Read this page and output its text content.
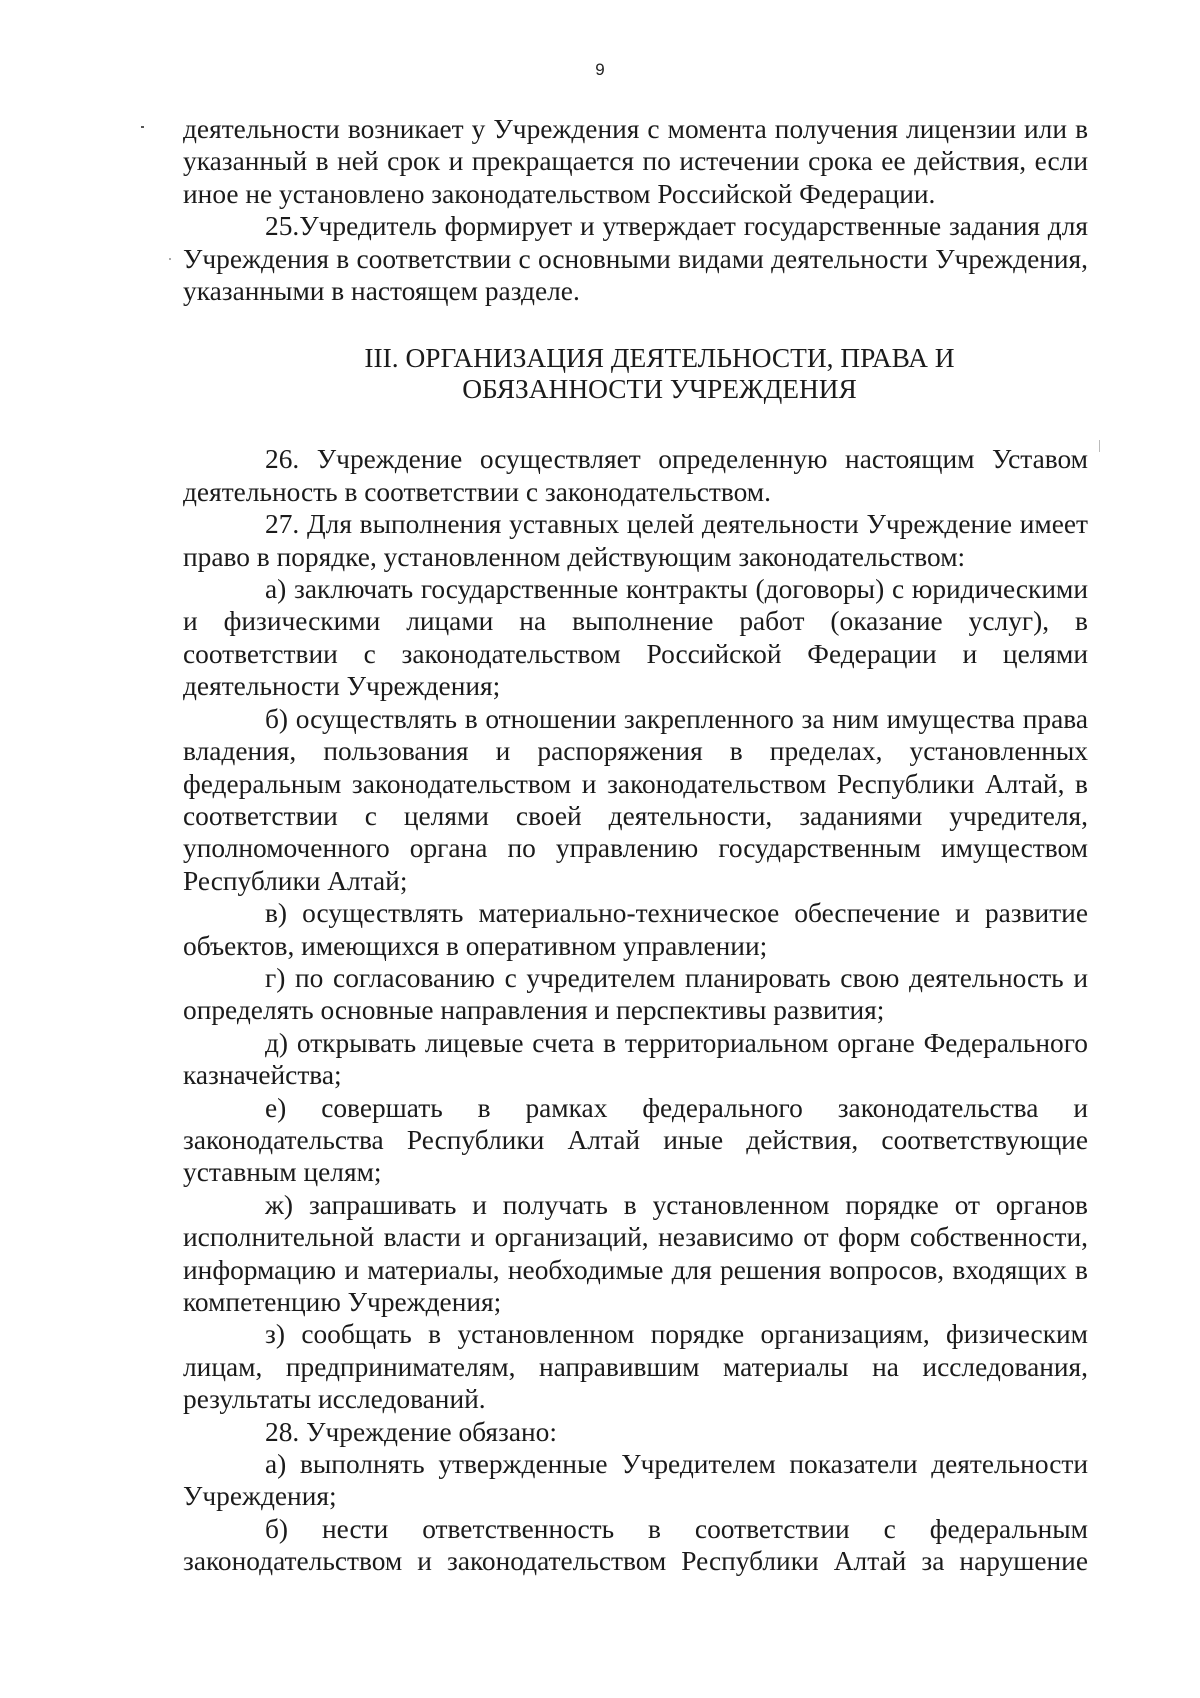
9

деятельности возникает у Учреждения с момента получения лицензии или в указанный в ней срок и прекращается по истечении срока ее действия, если иное не установлено законодательством Российской Федерации.

25.Учредитель формирует и утверждает государственные задания для Учреждения в соответствии с основными видами деятельности Учреждения, указанными в настоящем разделе.

III. ОРГАНИЗАЦИЯ ДЕЯТЕЛЬНОСТИ, ПРАВА И
ОБЯЗАННОСТИ УЧРЕЖДЕНИЯ

26. Учреждение осуществляет определенную настоящим Уставом деятельность в соответствии с законодательством.

27. Для выполнения уставных целей деятельности Учреждение имеет право в порядке, установленном действующим законодательством:

а) заключать государственные контракты (договоры) с юридическими и физическими лицами на выполнение работ (оказание услуг), в соответствии с законодательством Российской Федерации и целями деятельности Учреждения;

б) осуществлять в отношении закрепленного за ним имущества права владения, пользования и распоряжения в пределах, установленных федеральным законодательством и законодательством Республики Алтай, в соответствии с целями своей деятельности, заданиями учредителя, уполномоченного органа по управлению государственным имуществом Республики Алтай;

в) осуществлять материально-техническое обеспечение и развитие объектов, имеющихся в оперативном управлении;

г) по согласованию с учредителем планировать свою деятельность и определять основные направления и перспективы развития;

д) открывать лицевые счета в территориальном органе Федерального казначейства;

е) совершать в рамках федерального законодательства и законодательства Республики Алтай иные действия, соответствующие уставным целям;

ж) запрашивать и получать в установленном порядке от органов исполнительной власти и организаций, независимо от форм собственности, информацию и материалы, необходимые для решения вопросов, входящих в компетенцию Учреждения;

з) сообщать в установленном порядке организациям, физическим лицам, предпринимателям, направившим материалы на исследования, результаты исследований.

28. Учреждение обязано:

а) выполнять утвержденные Учредителем показатели деятельности Учреждения;

б) нести ответственность в соответствии с федеральным законодательством и законодательством Республики Алтай за нарушение
